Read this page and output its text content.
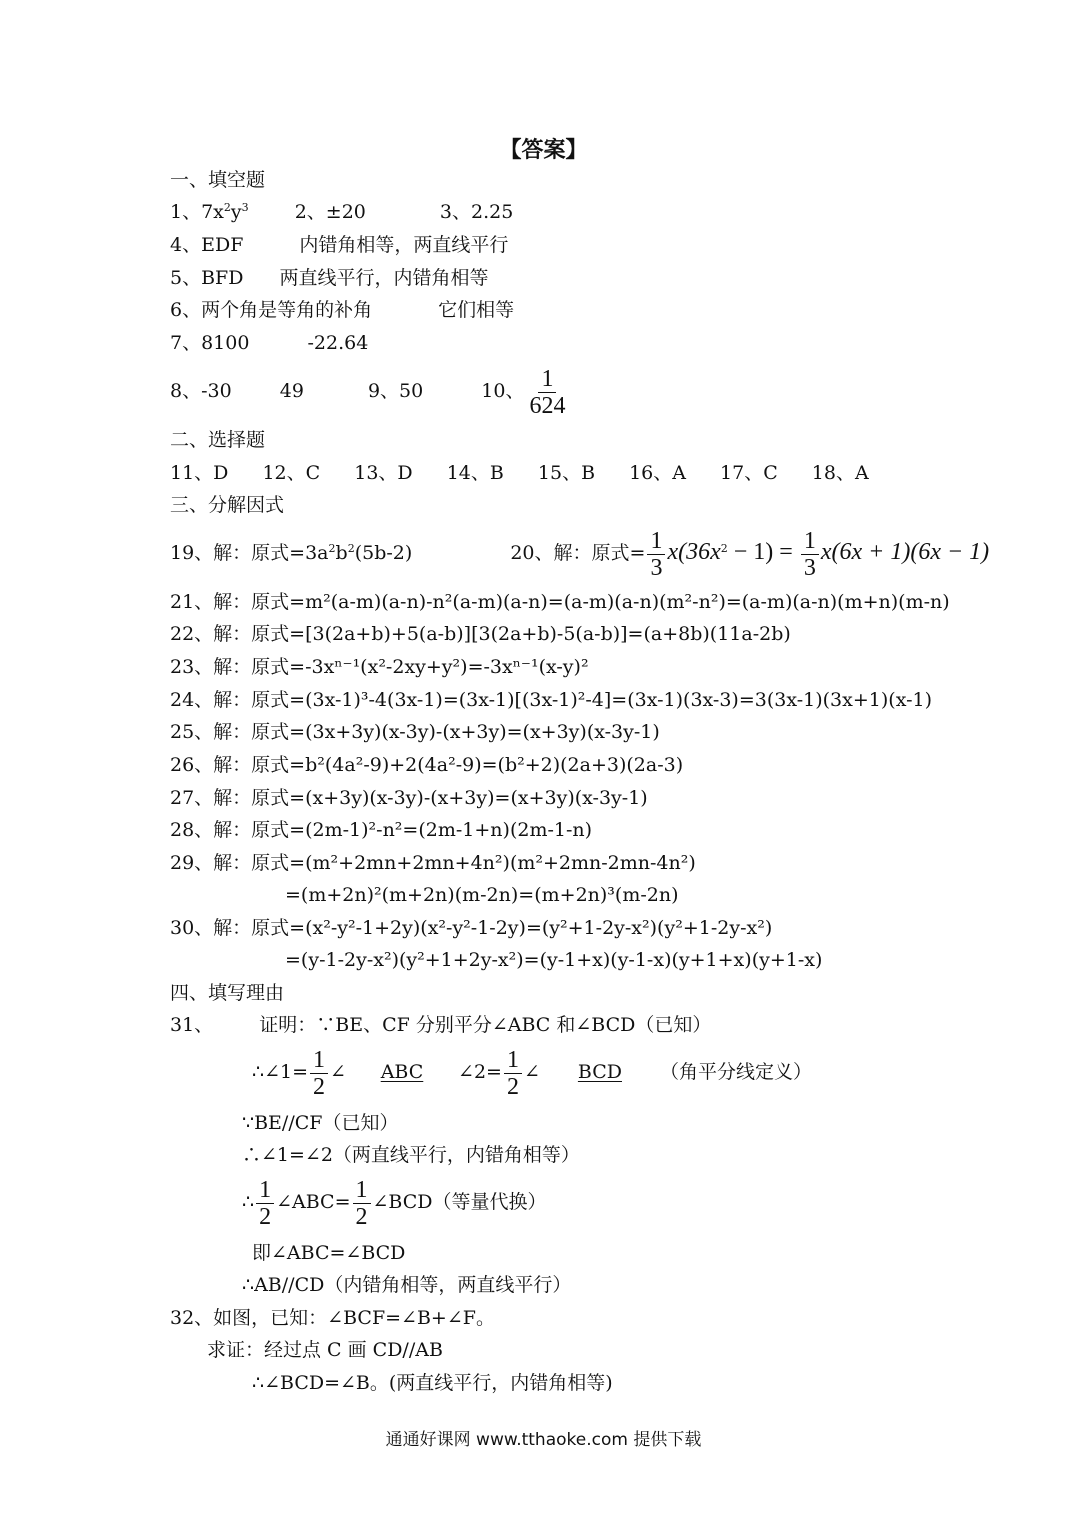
【答案】
一、填空题
1、$7x^2y^3$ 2、±20	3、2.25
4、EDF	内错角相等，两直线平行
5、BFD 两直线平行，内错角相等
6、两个角是等角的补角	它们相等
7、8100	-22.64
8、-30	49	9、50	10、 $\frac{1}{624}$
二、选择题
11、D 12、C 13、D 14、B 15、B 16、A 17、C 18、A
三、分解因式
19、解：原式$=3a^2b^2(5b-2)$	20、解：原式= $\frac{1}{3} x(36x^2 - 1) = \frac{1}{3} x(6x + 1)(6x - 1)$
21、解：原式=m²(a-m)(a-n)-n²(a-m)(a-n)=(a-m)(a-n)(m²-n²)=(a-m)(a-n)(m+n)(m-n)
22、解：原式=[3(2a+b)+5(a-b)][3(2a+b)-5(a-b)]=(a+8b)(11a-2b)
23、解：原式=-3xⁿ⁻¹(x²-2xy+y²)=-3xⁿ⁻¹(x-y)²
24、解：原式=(3x-1)³-4(3x-1)=(3x-1)[(3x-1)²-4]=(3x-1)(3x-3)=3(3x-1)(3x+1)(x-1)
25、解：原式=(3x+3y)(x-3y)-(x+3y)=(x+3y)(x-3y-1)
26、解：原式=b²(4a²-9)+2(4a²-9)=(b²+2)(2a+3)(2a-3)
27、解：原式=(x+3y)(x-3y)-(x+3y)=(x+3y)(x-3y-1)
28、解：原式=(2m-1)²-n²=(2m-1+n)(2m-1-n)
29、解：原式=(m²+2mn+2mn+4n²)(m²+2mn-2mn-4n²)
=(m+2n)²(m+2n)(m-2n)=(m+2n)³(m-2n)
30、解：原式=(x²-y²-1+2y)(x²-y²-1-2y)=(y²+1-2y-x²)(y²+1-2y-x²)
=(y-1-2y-x²)(y²+1+2y-x²)=(y-1+x)(y-1-x)(y+1+x)(y+1-x)
四、填写理由
31、 证明：∵BE、CF 分别平分∠ABC 和∠BCD（已知）
∴∠1= $\frac{1}{2}$ ∠ ABC ∠2= $\frac{1}{2}$ ∠ BCD （角平分线定义）
∵BE//CF（已知）
∴∠1=∠2（两直线平行，内错角相等）
∴ $\frac{1}{2}$ ∠ABC= $\frac{1}{2}$ ∠BCD（等量代换）
即∠ABC=∠BCD
∴AB//CD（内错角相等，两直线平行）
32、如图，已知：∠BCF=∠B+∠F。
求证：经过点 C 画 CD//AB
∴∠BCD=∠B。(两直线平行，内错角相等)
通通好课网 www.tthaoke.com 提供下载
